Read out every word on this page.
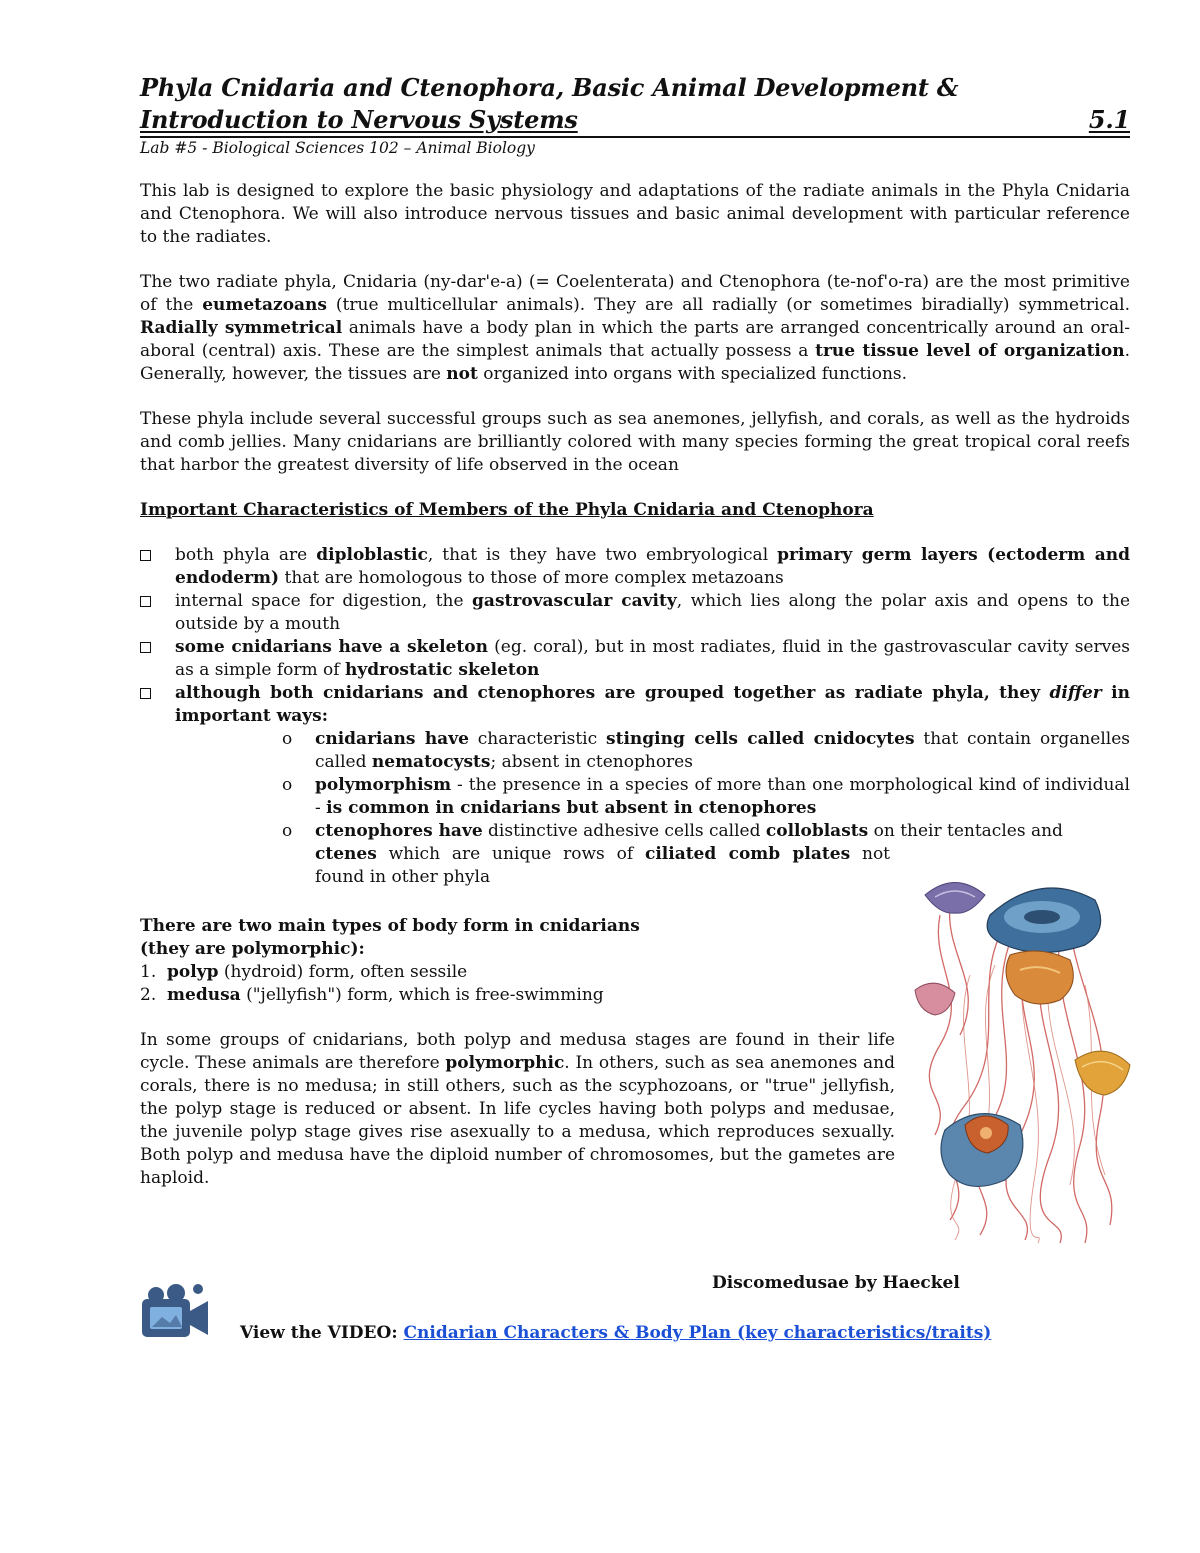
Phyla Cnidaria and Ctenophora, Basic Animal Development &
Introduction to Nervous Systems	5.1
Lab #5 - Biological Sciences 102 – Animal Biology

This lab is designed to explore the basic physiology and adaptations of the radiate animals in the Phyla Cnidaria and Ctenophora. We will also introduce nervous tissues and basic animal development with particular reference to the radiates.

The two radiate phyla, Cnidaria (ny-dar'e-a) (= Coelenterata) and Ctenophora (te-nof'o-ra) are the most primitive of the eumetazoans (true multicellular animals). They are all radially (or sometimes biradially) symmetrical. Radially symmetrical animals have a body plan in which the parts are arranged concentrically around an oral-aboral (central) axis. These are the simplest animals that actually possess a true tissue level of organization. Generally, however, the tissues are not organized into organs with specialized functions.

These phyla include several successful groups such as sea anemones, jellyfish, and corals, as well as the hydroids and comb jellies. Many cnidarians are brilliantly colored with many species forming the great tropical coral reefs that harbor the greatest diversity of life observed in the ocean

Important Characteristics of Members of the Phyla Cnidaria and Ctenophora
both phyla are diploblastic, that is they have two embryological primary germ layers (ectoderm and endoderm) that are homologous to those of more complex metazoans
internal space for digestion, the gastrovascular cavity, which lies along the polar axis and opens to the outside by a mouth
some cnidarians have a skeleton (eg. coral), but in most radiates, fluid in the gastrovascular cavity serves as a simple form of hydrostatic skeleton
although both cnidarians and ctenophores are grouped together as radiate phyla, they differ in important ways:
o cnidarians have characteristic stinging cells called cnidocytes that contain organelles called nematocysts; absent in ctenophores
o polymorphism - the presence in a species of more than one morphological kind of individual - is common in cnidarians but absent in ctenophores
o ctenophores have distinctive adhesive cells called colloblasts on their tentacles and
ctenes which are unique rows of ciliated comb plates not
found in other phyla
There are two main types of body form in cnidarians
(they are polymorphic):
1. polyp (hydroid) form, often sessile
2. medusa ("jellyfish") form, which is free-swimming

In some groups of cnidarians, both polyp and medusa stages are found in their life cycle. These animals are therefore polymorphic. In others, such as sea anemones and corals, there is no medusa; in still others, such as the scyphozoans, or "true" jellyfish, the polyp stage is reduced or absent. In life cycles having both polyps and medusae, the juvenile polyp stage gives rise asexually to a medusa, which reproduces sexually. Both polyp and medusa have the diploid number of chromosomes, but the gametes are haploid.

Discomedusae by Haeckel
View the VIDEO: Cnidarian Characters & Body Plan (key characteristics/traits)
